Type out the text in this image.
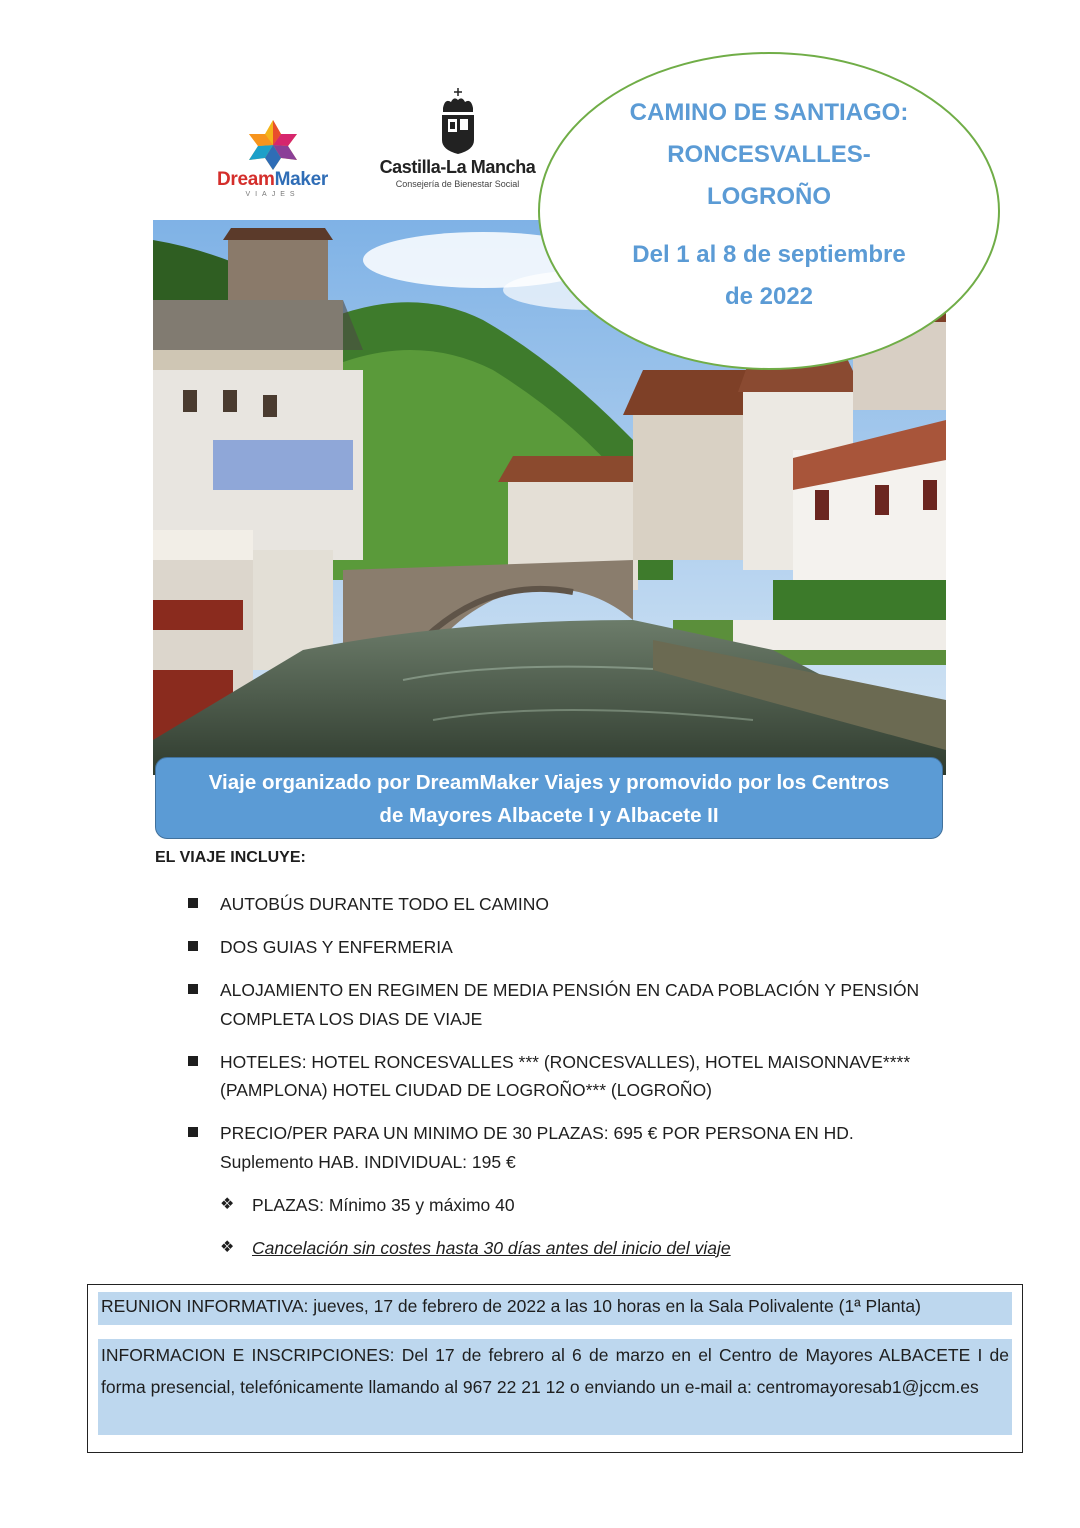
DreamMaker
VIAJES
Castilla-La Mancha
Consejería de Bienestar Social
CAMINO DE SANTIAGO:
RONCESVALLES-
LOGROÑO
Del 1 al 8 de septiembre
de 2022
Viaje organizado por DreamMaker Viajes y promovido por los Centros
de Mayores Albacete I y Albacete II
EL VIAJE INCLUYE:
AUTOBÚS DURANTE TODO EL CAMINO
DOS GUIAS Y ENFERMERIA
ALOJAMIENTO EN REGIMEN DE MEDIA PENSIÓN EN CADA POBLACIÓN Y PENSIÓN COMPLETA LOS DIAS DE VIAJE
HOTELES: HOTEL RONCESVALLES *** (RONCESVALLES), HOTEL MAISONNAVE**** (PAMPLONA) HOTEL CIUDAD DE LOGROÑO*** (LOGROÑO)
PRECIO/PER PARA UN MINIMO DE 30 PLAZAS: 695 € POR PERSONA EN HD. Suplemento HAB. INDIVIDUAL: 195 €
❖ PLAZAS: Mínimo 35 y máximo 40
❖ Cancelación sin costes hasta 30 días antes del inicio del viaje
REUNION INFORMATIVA: jueves, 17 de febrero de 2022 a las 10 horas en la Sala Polivalente (1ª Planta)
INFORMACION E INSCRIPCIONES: Del 17 de febrero al 6 de marzo en el Centro de Mayores ALBACETE I de forma presencial, telefónicamente llamando al 967 22 21 12 o enviando un e-mail a: centromayoresab1@jccm.es
